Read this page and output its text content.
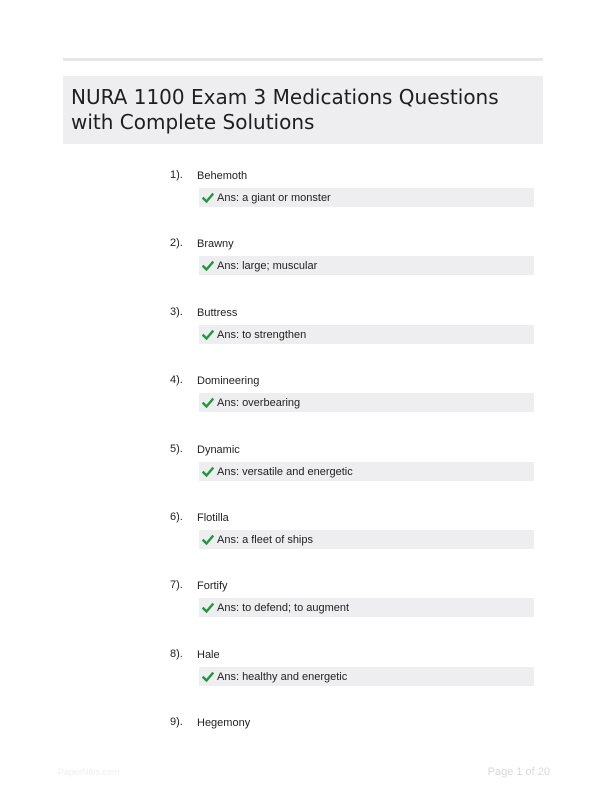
NURA 1100 Exam 3 Medications Questions with Complete Solutions
1). Behemoth
Ans: a giant or monster
2). Brawny
Ans: large; muscular
3). Buttress
Ans: to strengthen
4). Domineering
Ans: overbearing
5). Dynamic
Ans: versatile and energetic
6). Flotilla
Ans: a fleet of ships
7). Fortify
Ans: to defend; to augment
8). Hale
Ans: healthy and energetic
9). Hegemony
PaperNibs.com	Page 1 of 20
